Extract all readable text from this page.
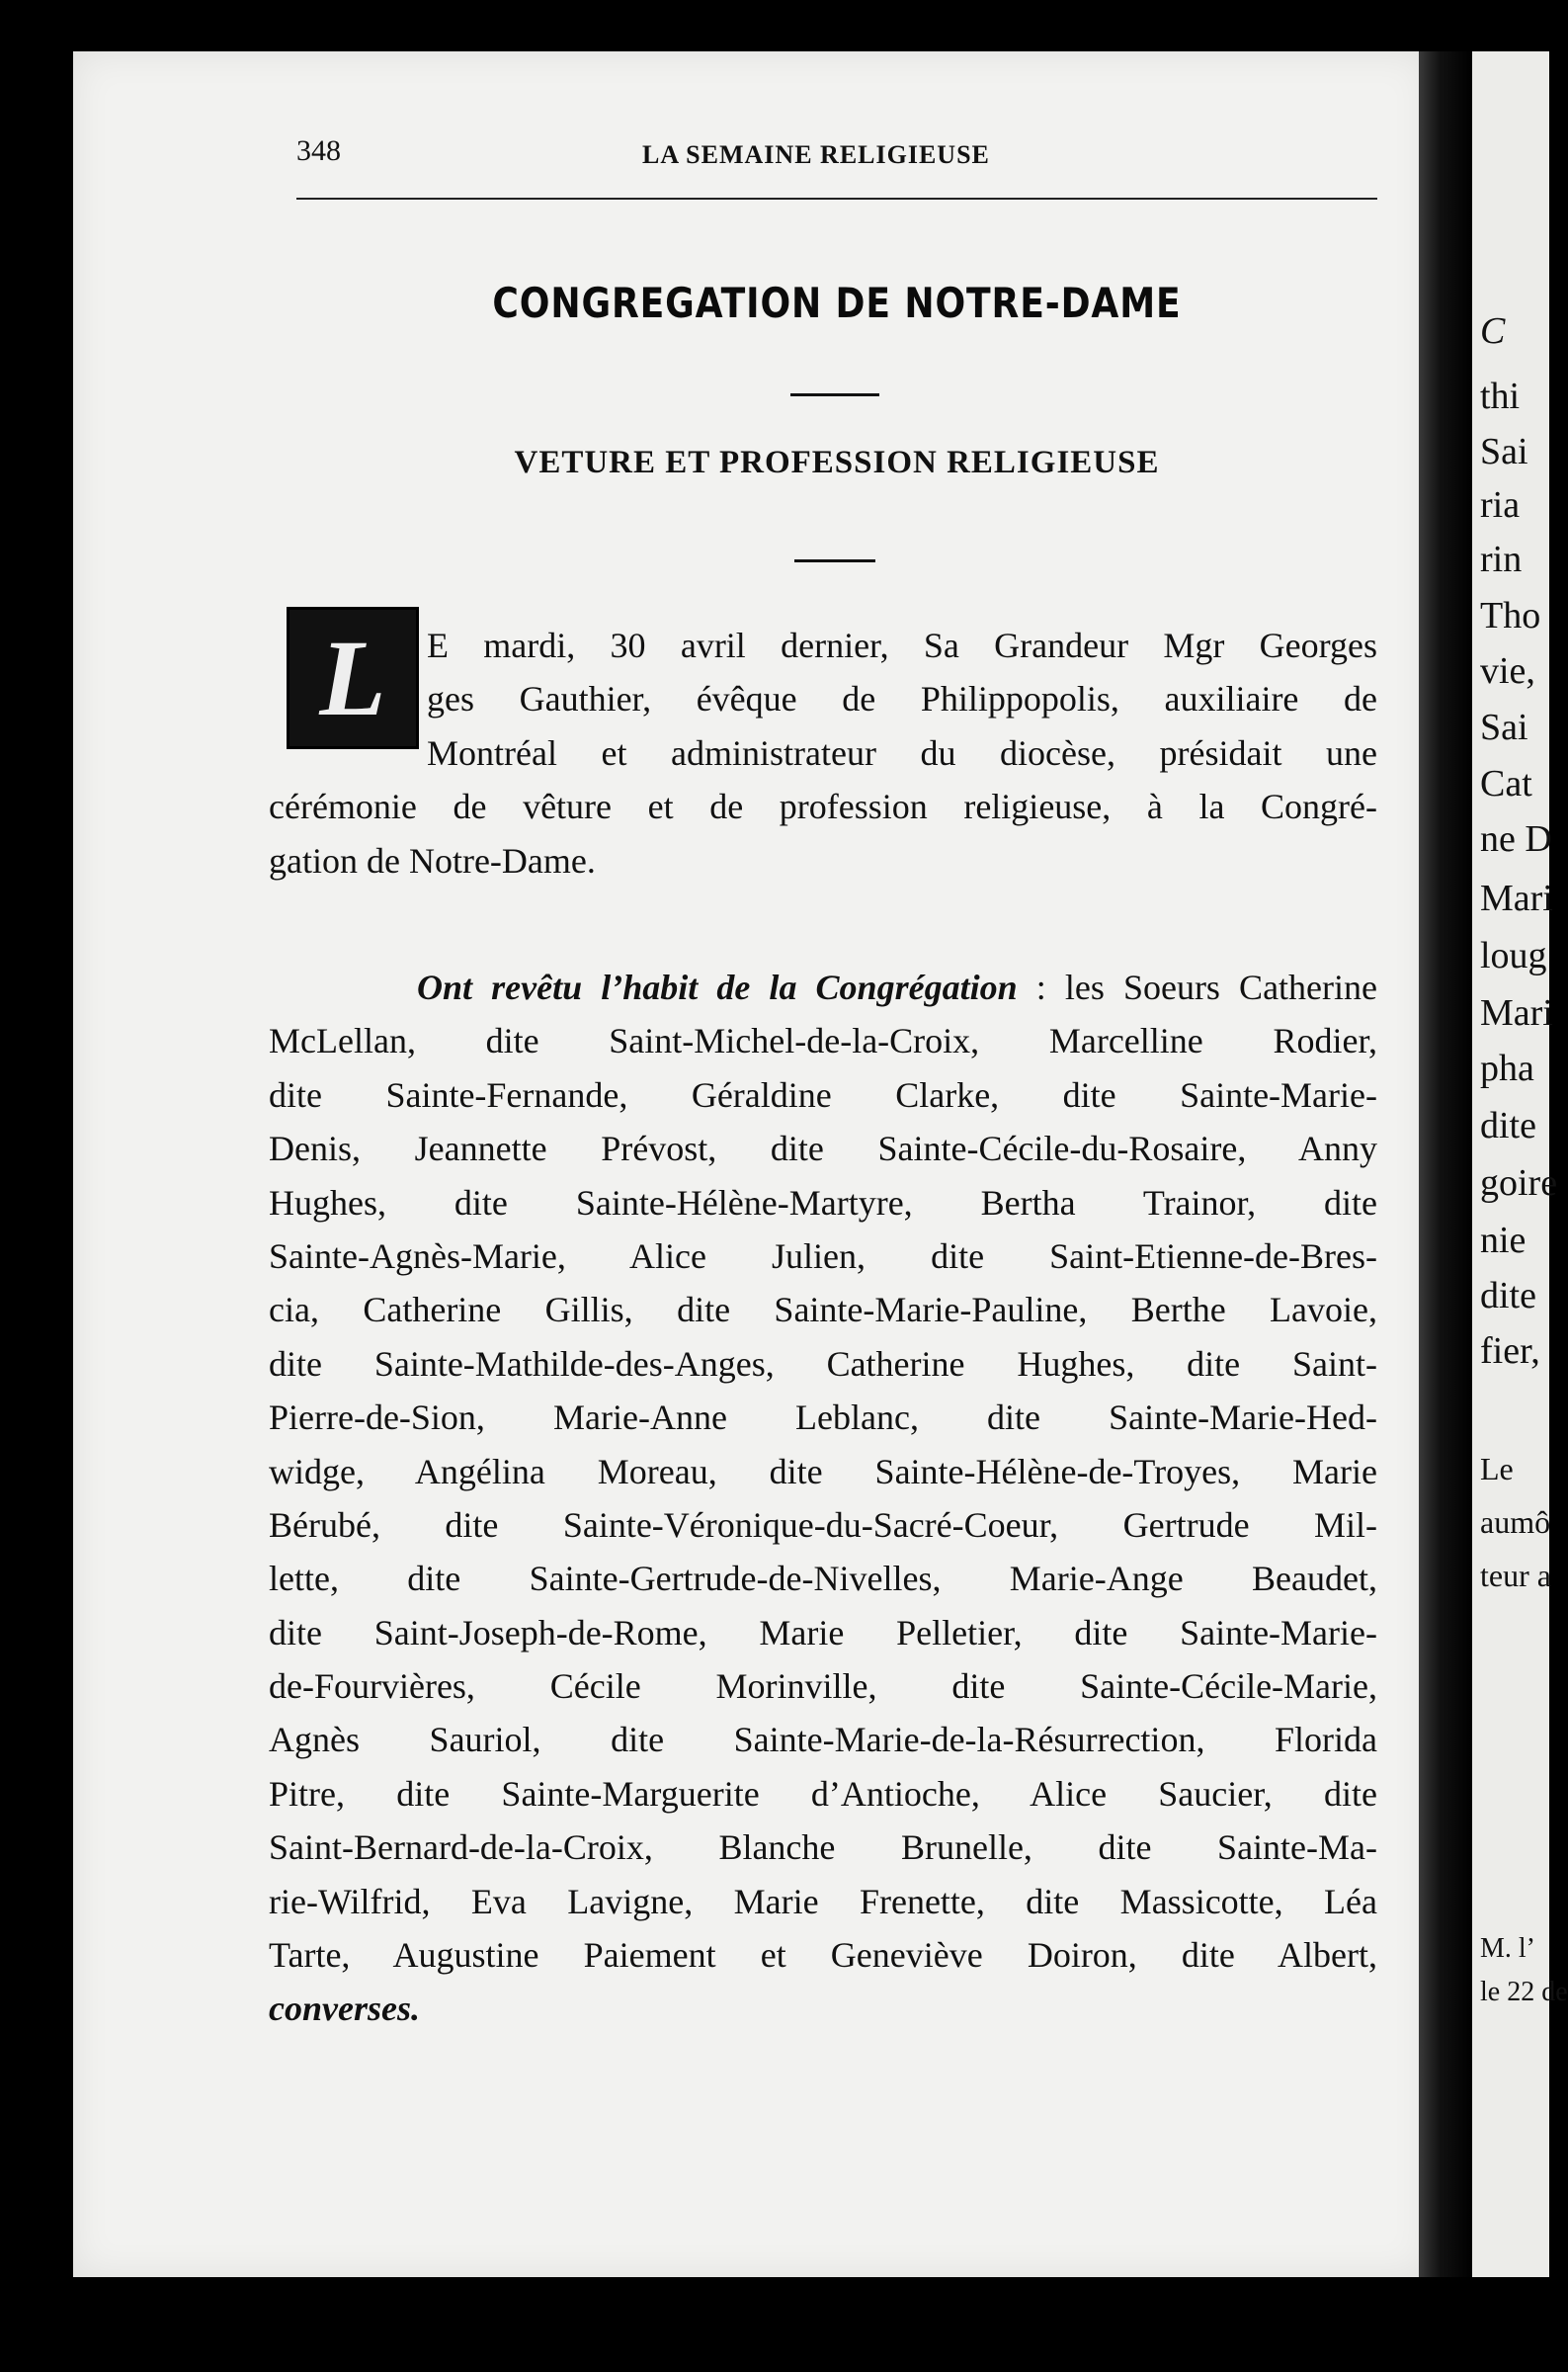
C
thi
Sai
ria
rin
Tho
vie,
Sai
Cat
ne D
Mari
loug
Mari
pha
dite
goire
nie
dite
fier,
Le
aumô
teur a
M. l’
le 22 de
348	LA SEMAINE RELIGIEUSE
CONGREGATION DE NOTRE-DAME
VETURE ET PROFESSION RELIGIEUSE
L	E mardi, 30 avril dernier, Sa Grandeur Mgr Georges
ges Gauthier, évêque de Philippopolis, auxiliaire de
Montréal et administrateur du diocèse, présidait une
cérémonie de vêture et de profession religieuse, à la Congré-
gation de Notre-Dame.
Ont revêtu l’habit de la Congrégation : les Soeurs Catherine
McLellan, dite Saint-Michel-de-la-Croix, Marcelline Rodier,
dite Sainte-Fernande, Géraldine Clarke, dite Sainte-Marie-
Denis, Jeannette Prévost, dite Sainte-Cécile-du-Rosaire, Anny
Hughes, dite Sainte-Hélène-Martyre, Bertha Trainor, dite
Sainte-Agnès-Marie, Alice Julien, dite Saint-Etienne-de-Bres-
cia, Catherine Gillis, dite Sainte-Marie-Pauline, Berthe Lavoie,
dite Sainte-Mathilde-des-Anges, Catherine Hughes, dite Saint-
Pierre-de-Sion, Marie-Anne Leblanc, dite Sainte-Marie-Hed-
widge, Angélina Moreau, dite Sainte-Hélène-de-Troyes, Marie
Bérubé, dite Sainte-Véronique-du-Sacré-Coeur, Gertrude Mil-
lette, dite Sainte-Gertrude-de-Nivelles, Marie-Ange Beaudet,
dite Saint-Joseph-de-Rome, Marie Pelletier, dite Sainte-Marie-
de-Fourvières, Cécile Morinville, dite Sainte-Cécile-Marie,
Agnès Sauriol, dite Sainte-Marie-de-la-Résurrection, Florida
Pitre, dite Sainte-Marguerite d’Antioche, Alice Saucier, dite
Saint-Bernard-de-la-Croix, Blanche Brunelle, dite Sainte-Ma-
rie-Wilfrid, Eva Lavigne, Marie Frenette, dite Massicotte, Léa
Tarte, Augustine Paiement et Geneviève Doiron, dite Albert,
converses.
